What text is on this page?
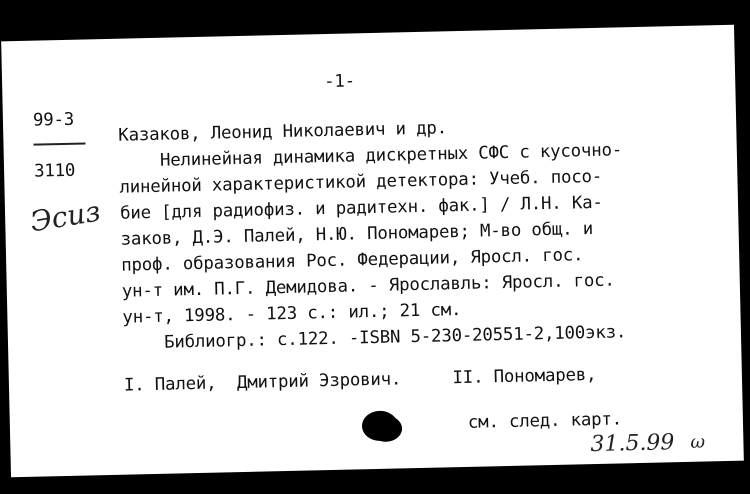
-1-
99-3
3110
Эсиз
Казаков, Леонид Николаевич и др.
Нелинейная динамика дискретных СФС с кусочно-
линейной характеристикой детектора: Учеб. посо-
бие [для радиофиз. и радитехн. фак.] / Л.Н. Ка-
заков, Д.Э. Палей, Н.Ю. Пономарев; М-во общ. и
проф. образования Рос. Федерации, Яросл. гос.
ун-т им. П.Г. Демидова. - Ярославль: Яросл. гос.
ун-т, 1998. - 123 с.: ил.; 21 см.
Библиогр.: с.122. -ISBN 5-230-20551-2,100экз.
I. Палей,  Дмитрий Эзрович.     II. Пономарев,
см. след. карт.
31.5.99 ω
